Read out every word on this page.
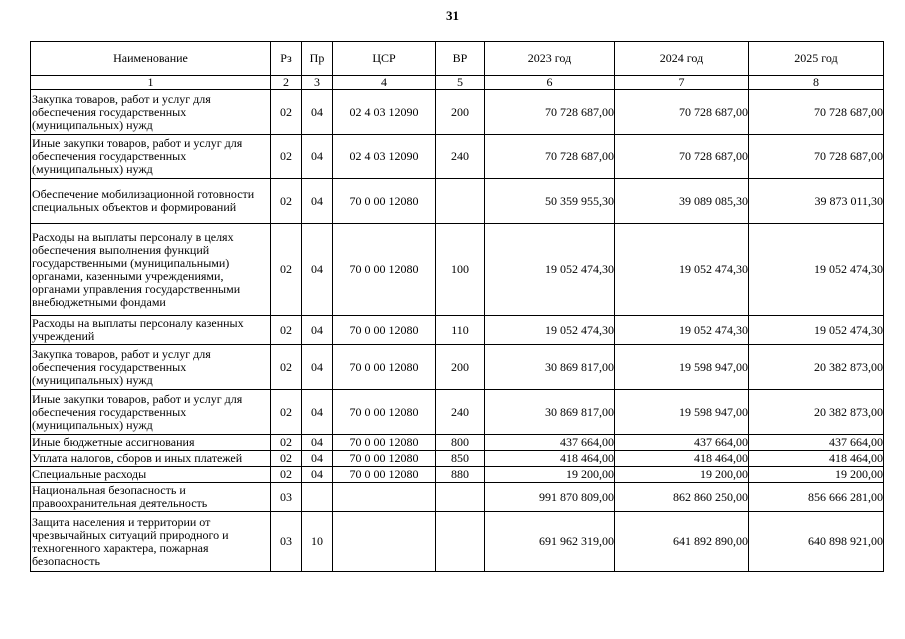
31
Наименование	Рз	Пр	ЦСР	ВР	2023 год	2024 год	2025 год
1	2	3	4	5	6	7	8
Закупка товаров, работ и услуг для обеспечения государственных (муниципальных) нужд	02	04	02 4 03 12090	200	70 728 687,00	70 728 687,00	70 728 687,00
Иные закупки товаров, работ и услуг для обеспечения государственных (муниципальных) нужд	02	04	02 4 03 12090	240	70 728 687,00	70 728 687,00	70 728 687,00
Обеспечение мобилизационной готовности специальных объектов и формирований	02	04	70 0 00 12080		50 359 955,30	39 089 085,30	39 873 011,30
Расходы на выплаты персоналу в целях обеспечения выполнения функций государственными (муниципальными) органами, казенными учреждениями, органами управления государственными внебюджетными фондами	02	04	70 0 00 12080	100	19 052 474,30	19 052 474,30	19 052 474,30
Расходы на выплаты персоналу казенных учреждений	02	04	70 0 00 12080	110	19 052 474,30	19 052 474,30	19 052 474,30
Закупка товаров, работ и услуг для обеспечения государственных (муниципальных) нужд	02	04	70 0 00 12080	200	30 869 817,00	19 598 947,00	20 382 873,00
Иные закупки товаров, работ и услуг для обеспечения государственных (муниципальных) нужд	02	04	70 0 00 12080	240	30 869 817,00	19 598 947,00	20 382 873,00
Иные бюджетные ассигнования	02	04	70 0 00 12080	800	437 664,00	437 664,00	437 664,00
Уплата налогов, сборов и иных платежей	02	04	70 0 00 12080	850	418 464,00	418 464,00	418 464,00
Специальные расходы	02	04	70 0 00 12080	880	19 200,00	19 200,00	19 200,00
Национальная безопасность и правоохранительная деятельность	03				991 870 809,00	862 860 250,00	856 666 281,00
Защита населения и территории от чрезвычайных ситуаций природного и техногенного характера, пожарная безопасность	03	10			691 962 319,00	641 892 890,00	640 898 921,00
